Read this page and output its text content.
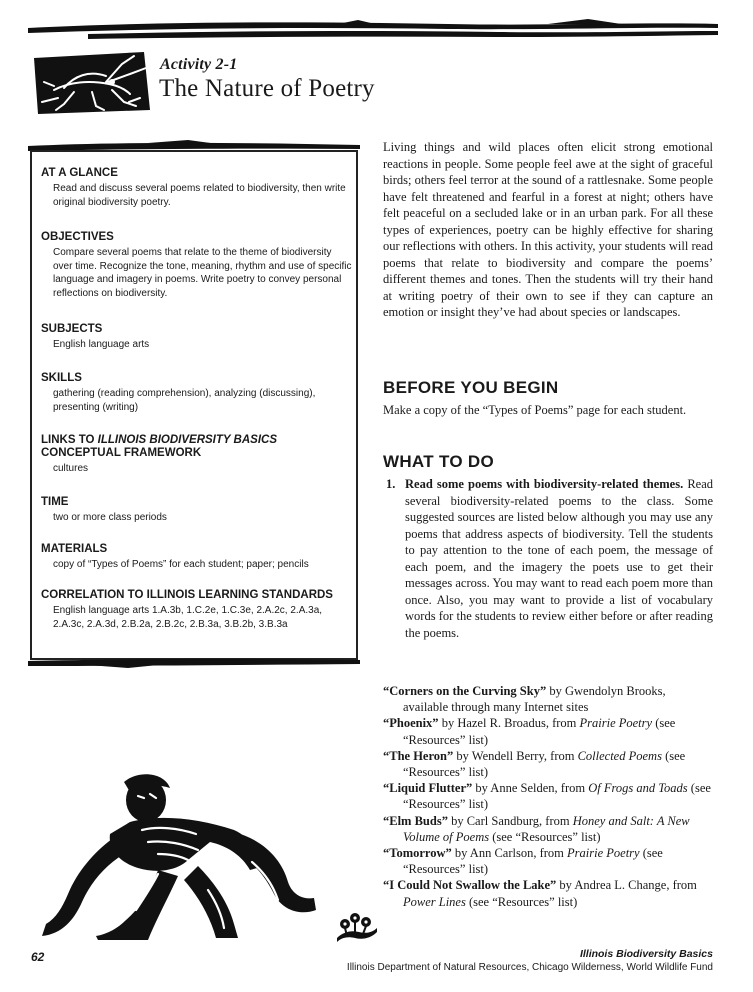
Activity 2-1
The Nature of Poetry

AT A GLANCE

Read and discuss several poems related to biodiversity, then write original biodiversity poetry.

OBJECTIVES

Compare several poems that relate to the theme of biodiversity over time. Recognize the tone, meaning, rhythm and use of specific language and imagery in poems. Write poetry to convey personal reflections on biodiversity.

SUBJECTS

English language arts

SKILLS

gathering (reading comprehension), analyzing (discussing), presenting (writing)

LINKS TO ILLINOIS BIODIVERSITY BASICS
CONCEPTUAL FRAMEWORK

cultures

TIME

two or more class periods

MATERIALS

copy of “Types of Poems” for each student; paper; pencils

CORRELATION TO ILLINOIS LEARNING STANDARDS

English language arts 1.A.3b, 1.C.2e, 1.C.3e, 2.A.2c, 2.A.3a, 2.A.3c, 2.A.3d, 2.B.2a, 2.B.2c, 2.B.3a, 3.B.2b, 3.B.3a

Living things and wild places often elicit strong emotional reactions in people. Some people feel awe at the sight of graceful birds; others feel terror at the sound of a rattlesnake. Some people have felt threatened and fearful in a forest at night; others have felt peaceful on a secluded lake or in an urban park. For all these types of experiences, poetry can be highly effective for sharing our reflections with others. In this activity, your students will read poems that relate to biodiversity and compare the poems’ different themes and tones. Then the students will try their hand at writing poetry of their own to see if they can capture an emotion or insight they’ve had about species or landscapes.

BEFORE YOU BEGIN

Make a copy of the “Types of Poems” page for each student.

WHAT TO DO

1. Read some poems with biodiversity-related themes. Read several biodiversity-related poems to the class. Some suggested sources are listed below although you may use any poems that address aspects of biodiversity. Tell the students to pay attention to the tone of each poem, the message of each poem, and the imagery the poets use to get their messages across. You may want to read each poem more than once. Also, you may want to provide a list of vocabulary words for the students to review either before or after reading the poems.
“Corners on the Curving Sky” by Gwendolyn Brooks, available through many Internet sites
“Phoenix” by Hazel R. Broadus, from Prairie Poetry (see “Resources” list)
“The Heron” by Wendell Berry, from Collected Poems (see “Resources” list)
“Liquid Flutter” by Anne Selden, from Of Frogs and Toads (see “Resources” list)
“Elm Buds” by Carl Sandburg, from Honey and Salt: A New Volume of Poems (see “Resources” list)
“Tomorrow” by Ann Carlson, from Prairie Poetry (see “Resources” list)
“I Could Not Swallow the Lake” by Andrea L. Change, from Power Lines (see “Resources” list)
62	Illinois Biodiversity Basics
Illinois Department of Natural Resources, Chicago Wilderness, World Wildlife Fund
